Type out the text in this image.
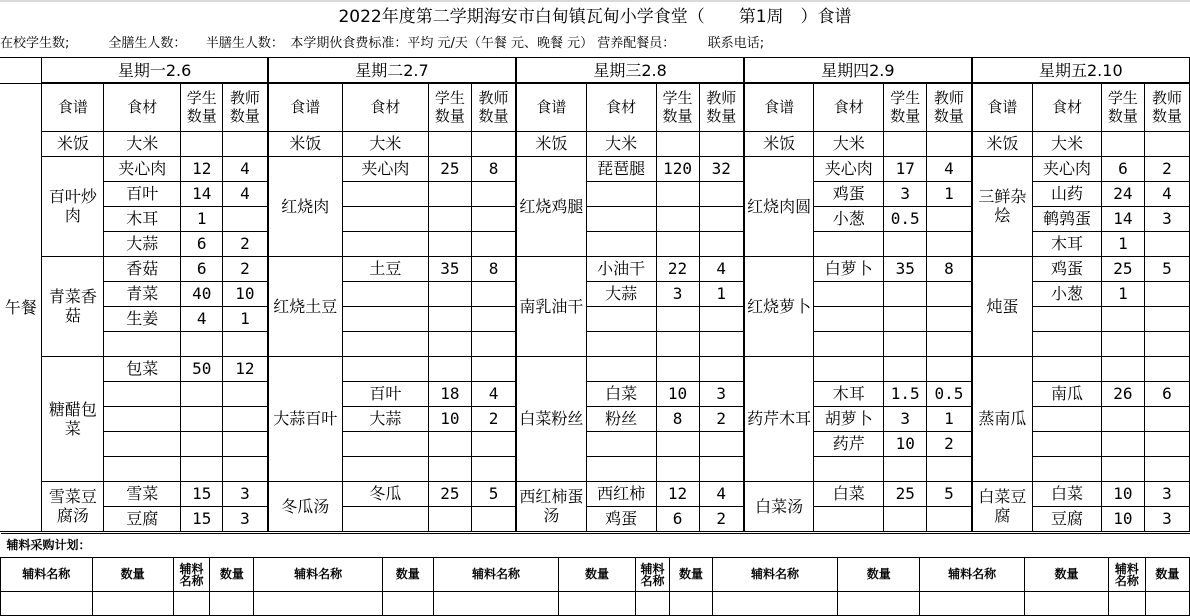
2022年度第二学期海安市白甸镇瓦甸小学食堂（　　第1周　）食谱
在校学生数;　　　全膳生人数：　　半膳生人数：　本学期伙食费标准：平均 元/天（午餐 元、晚餐 元） 营养配餐员：　　　联系电话;
	星期一2.6				星期二2.7				星期三2.8				星期四2.9				星期五2.10			
午餐	食谱	食材	学生数量	教师数量	食谱	食材	学生数量	教师数量	食谱	食材	学生数量	教师数量	食谱	食材	学生数量	教师数量	食谱	食材	学生数量	教师数量
	米饭	大米			米饭	大米			米饭	大米			米饭	大米			米饭	大米		
	百叶炒肉	夹心肉	12	4	红烧肉	夹心肉	25	8	红烧鸡腿	琵琶腿	120	32	红烧肉圆	夹心肉	17	4	三鲜杂烩	夹心肉	6	2
		百叶	14	4										鸡蛋	3	1		山药	24	4
		木耳	1											小葱	0.5			鹌鹑蛋	14	3
		大蒜	6	2														木耳	1	
	青菜香菇	香菇	6	2	红烧土豆	土豆	35	8	南乳油干	小油干	22	4	红烧萝卜	白萝卜	35	8	炖蛋	鸡蛋	25	5
		青菜	40	10						大蒜	3	1						小葱	1	
		生姜	4	1																

	糖醋包菜	包菜	50	12	大蒜百叶				白菜粉丝				药芹木耳				蒸南瓜			
						百叶	18	4		白菜	10	3		木耳	1.5	0.5		南瓜	26	6
						大蒜	10	2		粉丝	8	2		胡萝卜	3	1				
														药芹	10	2				

	雪菜豆腐汤	雪菜	15	3	冬瓜汤	冬瓜	25	5	西红柿蛋汤	西红柿	12	4	白菜汤	白菜	25	5	白菜豆腐	白菜	10	3
		豆腐	15	3						鸡蛋	6	2						豆腐	10	3
辅料采购计划：															
辅料名称	数量	辅料名称	数量	辅料名称	数量	辅料名称	数量	辅料名称	数量	辅料名称	数量	辅料名称	数量	辅料名称	数量
